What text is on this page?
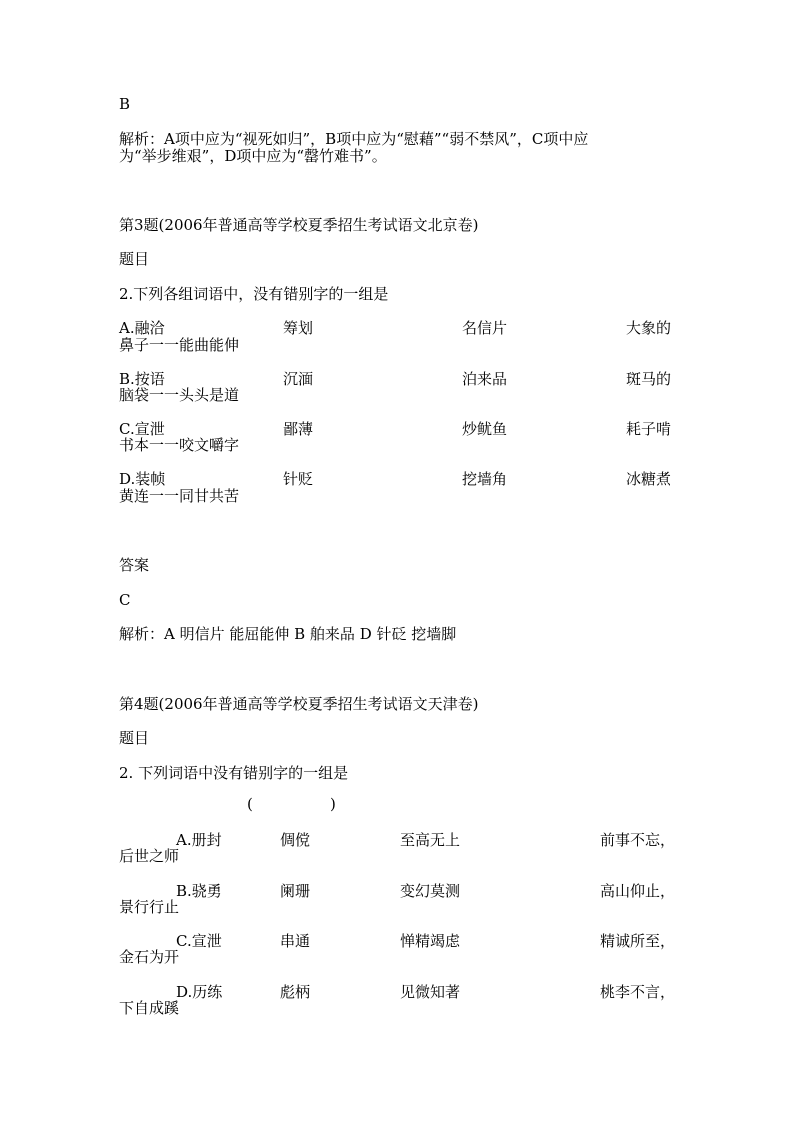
B
解析：A项中应为“视死如归”，B项中应为“慰藉”“弱不禁风”，C项中应
为“举步维艰”，D项中应为“罄竹难书”。
第3题(2006年普通高等学校夏季招生考试语文北京卷)
题目
2.下列各组词语中，没有错别字的一组是
A.融洽	筹划	名信片	大象的
鼻子一一能曲能伸
B.按语	沉湎	泊来品	斑马的
脑袋一一头头是道
C.宣泄	鄙薄	炒鱿鱼	耗子啃
书本一一咬文嚼字
D.装帧	针贬	挖墙角	冰糖煮
黄连一一同甘共苦
答案
C
解析：A 明信片 能屈能伸 B 舶来品 D 针砭 挖墙脚
第4题(2006年普通高等学校夏季招生考试语文天津卷)
题目
2. 下列词语中没有错别字的一组是
(	)
A.册封	倜傥	至高无上	前事不忘，
后世之师
B.骁勇	阑珊	变幻莫测	高山仰止，
景行行止
C.宣泄	串通	惮精竭虑	精诚所至，
金石为开
D.历练	彪柄	见微知著	桃李不言，
下自成蹊
